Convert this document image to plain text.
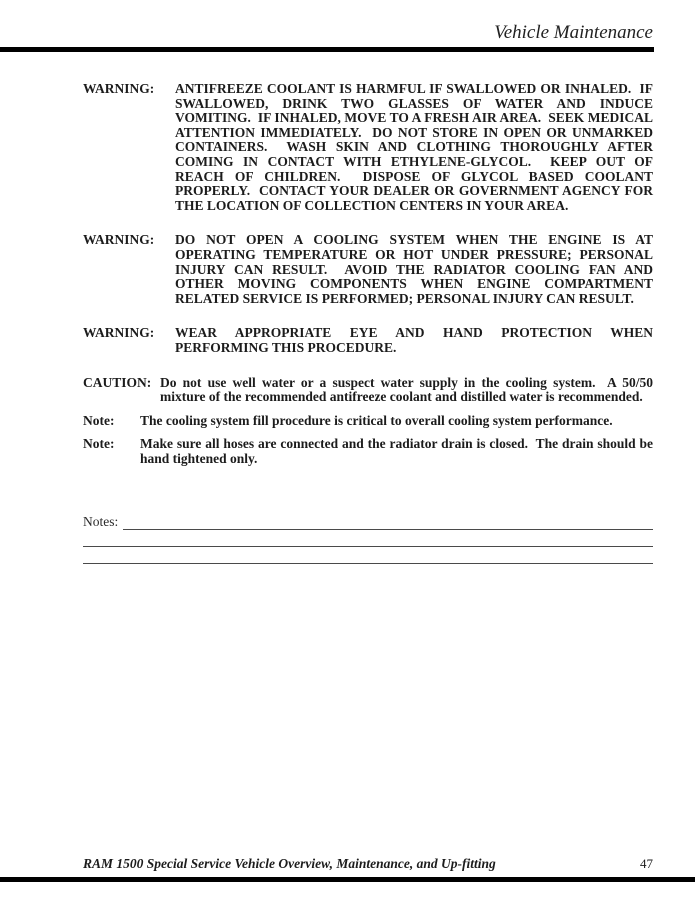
Vehicle Maintenance
WARNING:	ANTIFREEZE COOLANT IS HARMFUL IF SWALLOWED OR INHALED.  IF SWALLOWED, DRINK TWO GLASSES OF WATER AND INDUCE VOMITING.  IF INHALED, MOVE TO A FRESH AIR AREA.  SEEK MEDICAL ATTENTION IMMEDIATELY.  DO NOT STORE IN OPEN OR UNMARKED CONTAINERS.  WASH SKIN AND CLOTHING THOROUGHLY AFTER COMING IN CONTACT WITH ETHYLENE-GLYCOL.  KEEP OUT OF REACH OF CHILDREN.  DISPOSE OF GLYCOL BASED COOLANT PROPERLY.  CONTACT YOUR DEALER OR GOVERNMENT AGENCY FOR THE LOCATION OF COLLECTION CENTERS IN YOUR AREA.
WARNING:	DO NOT OPEN A COOLING SYSTEM WHEN THE ENGINE IS AT OPERATING TEMPERATURE OR HOT UNDER PRESSURE; PERSONAL INJURY CAN RESULT.  AVOID THE RADIATOR COOLING FAN AND OTHER MOVING COMPONENTS WHEN ENGINE COMPARTMENT RELATED SERVICE IS PERFORMED; PERSONAL INJURY CAN RESULT.
WARNING:	WEAR APPROPRIATE EYE AND HAND PROTECTION WHEN PERFORMING THIS PROCEDURE.
CAUTION: Do not use well water or a suspect water supply in the cooling system.  A 50/50 mixture of the recommended antifreeze coolant and distilled water is recommended.
Note:	The cooling system fill procedure is critical to overall cooling system performance.
Note:	Make sure all hoses are connected and the radiator drain is closed.  The drain should be hand tightened only.
Notes:
RAM 1500 Special Service Vehicle Overview, Maintenance, and Up-fitting	47
